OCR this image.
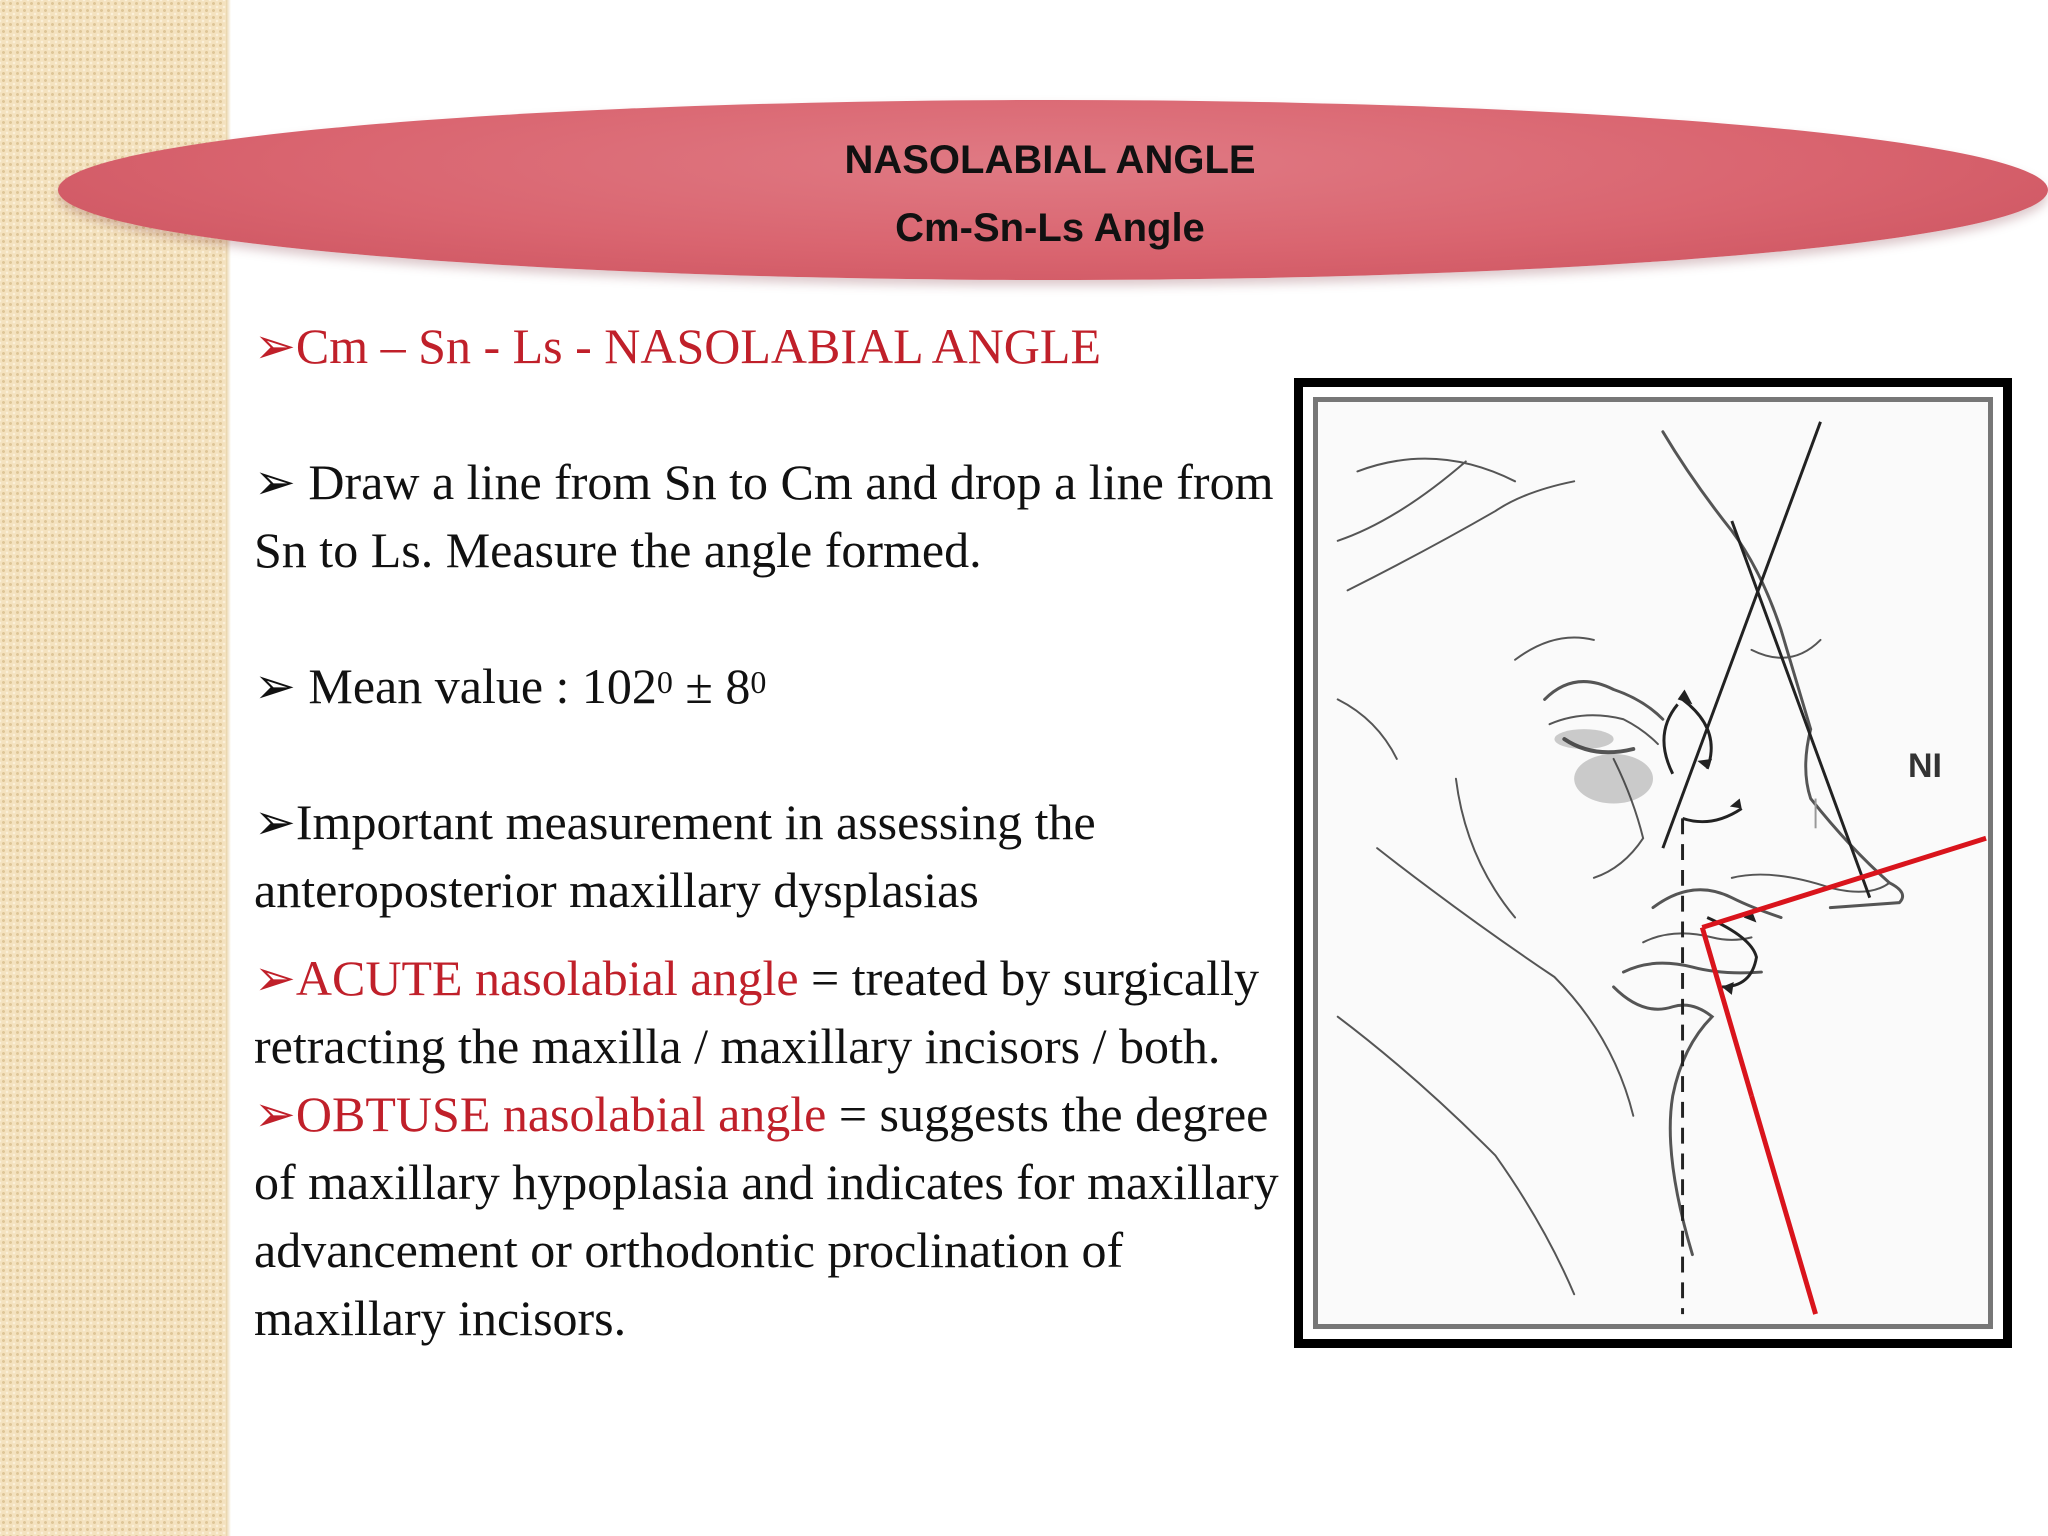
NASOLABIAL ANGLE

Cm-Sn-Ls Angle

➢Cm – Sn - Ls - NASOLABIAL ANGLE

➢ Draw a line from Sn to Cm and drop a line from Sn to Ls. Measure the angle formed.

➢ Mean value : $102^0 \pm 8^0$

➢Important measurement in assessing the anteroposterior maxillary dysplasias

➢ACUTE nasolabial angle = treated by surgically retracting the maxilla / maxillary incisors / both.

➢OBTUSE nasolabial angle = suggests the degree of maxillary hypoplasia and indicates for maxillary advancement or orthodontic proclination of maxillary incisors.

NI
